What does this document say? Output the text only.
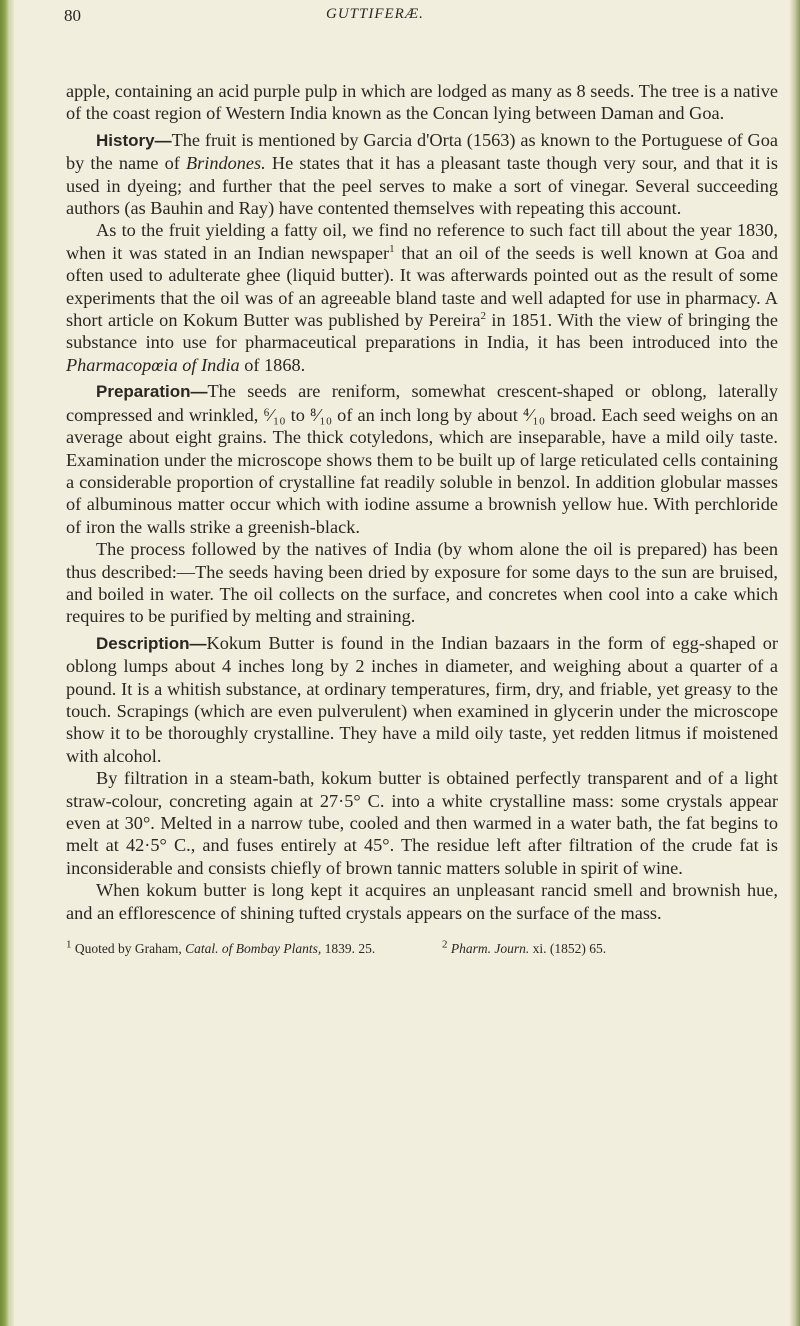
80	GUTTIFERÆ.

apple, containing an acid purple pulp in which are lodged as many as 8 seeds. The tree is a native of the coast region of Western India known as the Concan lying between Daman and Goa.

History—The fruit is mentioned by Garcia d'Orta (1563) as known to the Portuguese of Goa by the name of Brindones. He states that it has a pleasant taste though very sour, and that it is used in dyeing; and further that the peel serves to make a sort of vinegar. Several succeeding authors (as Bauhin and Ray) have contented themselves with repeating this account.

As to the fruit yielding a fatty oil, we find no reference to such fact till about the year 1830, when it was stated in an Indian newspaper$^1$ that an oil of the seeds is well known at Goa and often used to adulterate ghee (liquid butter). It was afterwards pointed out as the result of some experiments that the oil was of an agreeable bland taste and well adapted for use in pharmacy. A short article on Kokum Butter was published by Pereira$^2$ in 1851. With the view of bringing the substance into use for pharmaceutical preparations in India, it has been introduced into the Pharmacopœia of India of 1868.

Preparation—The seeds are reniform, somewhat crescent-shaped or oblong, laterally compressed and wrinkled, ⁶⁄₁₀ to ⁸⁄₁₀ of an inch long by about ⁴⁄₁₀ broad. Each seed weighs on an average about eight grains. The thick cotyledons, which are inseparable, have a mild oily taste. Examination under the microscope shows them to be built up of large reticulated cells containing a considerable proportion of crystalline fat readily soluble in benzol. In addition globular masses of albuminous matter occur which with iodine assume a brownish yellow hue. With perchloride of iron the walls strike a greenish-black.

The process followed by the natives of India (by whom alone the oil is prepared) has been thus described:—The seeds having been dried by exposure for some days to the sun are bruised, and boiled in water. The oil collects on the surface, and concretes when cool into a cake which requires to be purified by melting and straining.

Description—Kokum Butter is found in the Indian bazaars in the form of egg-shaped or oblong lumps about 4 inches long by 2 inches in diameter, and weighing about a quarter of a pound. It is a whitish substance, at ordinary temperatures, firm, dry, and friable, yet greasy to the touch. Scrapings (which are even pulverulent) when examined in glycerin under the microscope show it to be thoroughly crystalline. They have a mild oily taste, yet redden litmus if moistened with alcohol.

By filtration in a steam-bath, kokum butter is obtained perfectly transparent and of a light straw-colour, concreting again at 27·5° C. into a white crystalline mass: some crystals appear even at 30°. Melted in a narrow tube, cooled and then warmed in a water bath, the fat begins to melt at 42·5° C., and fuses entirely at 45°. The residue left after filtration of the crude fat is inconsiderable and consists chiefly of brown tannic matters soluble in spirit of wine.

When kokum butter is long kept it acquires an unpleasant rancid smell and brownish hue, and an efflorescence of shining tufted crystals appears on the surface of the mass.

$^1$ Quoted by Graham, Catal. of Bombay Plants, 1839. 25.	$^2$ Pharm. Journ. xi. (1852) 65.
